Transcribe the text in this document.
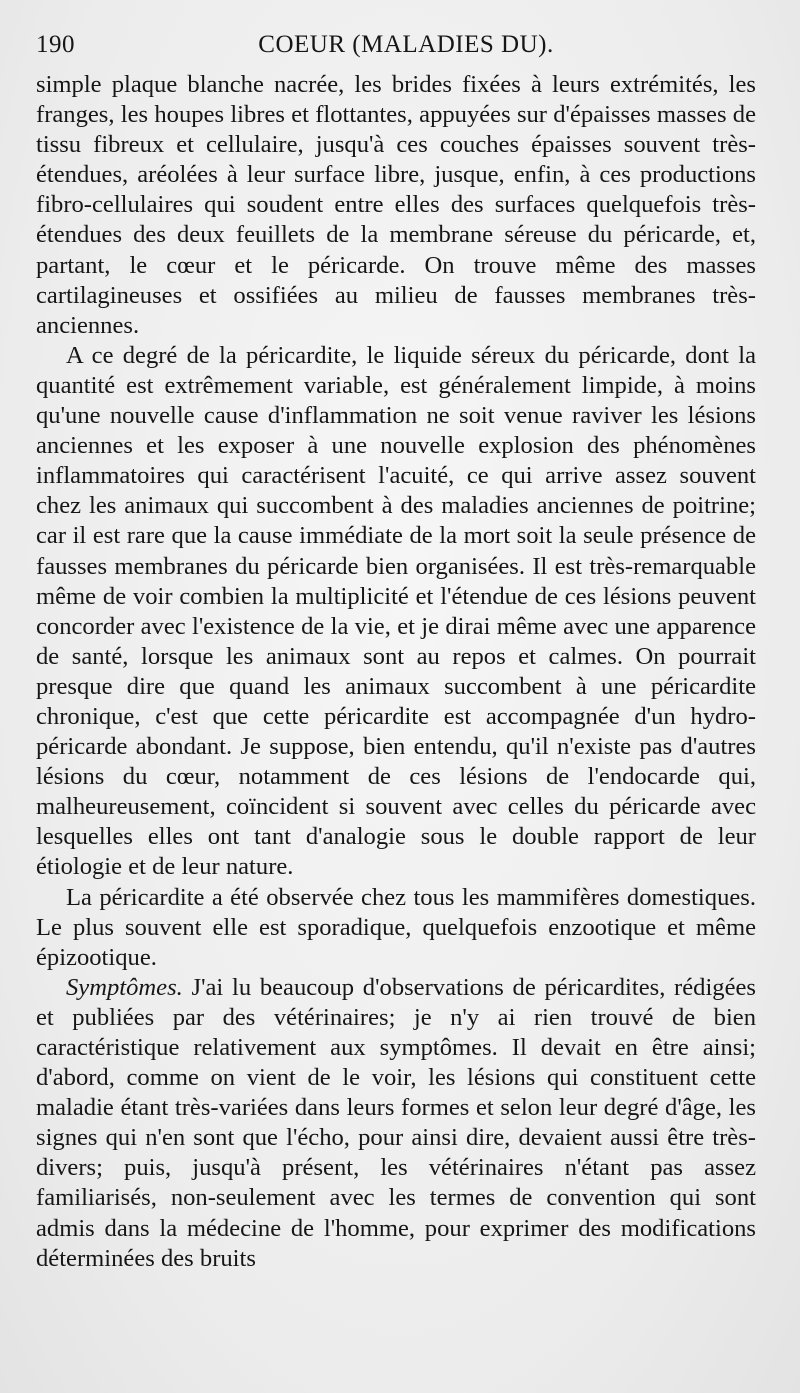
190	COEUR (MALADIES DU).

simple plaque blanche nacrée, les brides fixées à leurs extrémités, les franges, les houpes libres et flottantes, appuyées sur d'épaisses masses de tissu fibreux et cellulaire, jusqu'à ces couches épaisses souvent très-étendues, aréolées à leur surface libre, jusque, enfin, à ces productions fibro-cellulaires qui soudent entre elles des surfaces quelquefois très-étendues des deux feuillets de la membrane séreuse du péricarde, et, partant, le cœur et le péricarde. On trouve même des masses cartilagineuses et ossifiées au milieu de fausses membranes très-anciennes.

A ce degré de la péricardite, le liquide séreux du péricarde, dont la quantité est extrêmement variable, est généralement limpide, à moins qu'une nouvelle cause d'inflammation ne soit venue raviver les lésions anciennes et les exposer à une nouvelle explosion des phénomènes inflammatoires qui caractérisent l'acuité, ce qui arrive assez souvent chez les animaux qui succombent à des maladies anciennes de poitrine; car il est rare que la cause immédiate de la mort soit la seule présence de fausses membranes du péricarde bien organisées. Il est très-remarquable même de voir combien la multiplicité et l'étendue de ces lésions peuvent concorder avec l'existence de la vie, et je dirai même avec une apparence de santé, lorsque les animaux sont au repos et calmes. On pourrait presque dire que quand les animaux succombent à une péricardite chronique, c'est que cette péricardite est accompagnée d'un hydro-péricarde abondant. Je suppose, bien entendu, qu'il n'existe pas d'autres lésions du cœur, notamment de ces lésions de l'endocarde qui, malheureusement, coïncident si souvent avec celles du péricarde avec lesquelles elles ont tant d'analogie sous le double rapport de leur étiologie et de leur nature.

La péricardite a été observée chez tous les mammifères domestiques. Le plus souvent elle est sporadique, quelquefois enzootique et même épizootique.

Symptômes. J'ai lu beaucoup d'observations de péricardites, rédigées et publiées par des vétérinaires; je n'y ai rien trouvé de bien caractéristique relativement aux symptômes. Il devait en être ainsi; d'abord, comme on vient de le voir, les lésions qui constituent cette maladie étant très-variées dans leurs formes et selon leur degré d'âge, les signes qui n'en sont que l'écho, pour ainsi dire, devaient aussi être très-divers; puis, jusqu'à présent, les vétérinaires n'étant pas assez familiarisés, non-seulement avec les termes de convention qui sont admis dans la médecine de l'homme, pour exprimer des modifications déterminées des bruits
